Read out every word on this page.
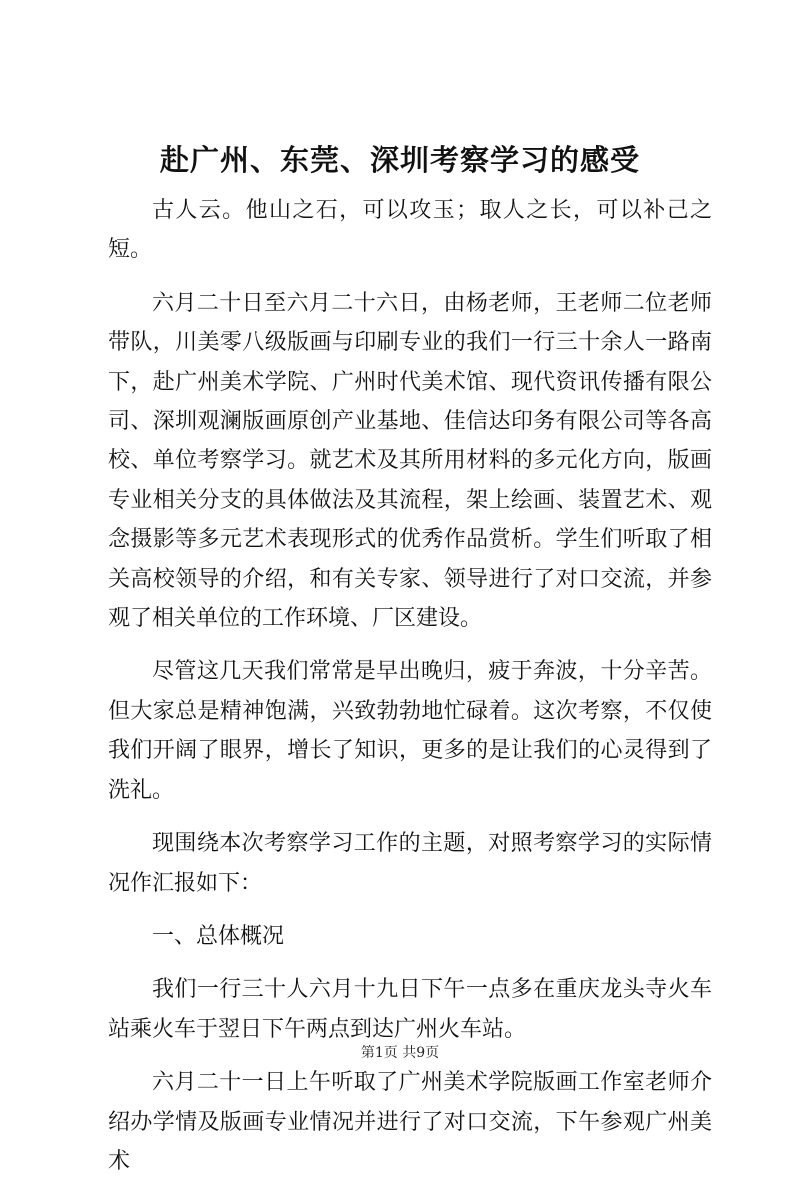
赴广州、东莞、深圳考察学习的感受

古人云。他山之石，可以攻玉；取人之长，可以补己之短。

六月二十日至六月二十六日，由杨老师，王老师二位老师带队，川美零八级版画与印刷专业的我们一行三十余人一路南下，赴广州美术学院、广州时代美术馆、现代资讯传播有限公司、深圳观澜版画原创产业基地、佳信达印务有限公司等各高校、单位考察学习。就艺术及其所用材料的多元化方向，版画专业相关分支的具体做法及其流程，架上绘画、装置艺术、观念摄影等多元艺术表现形式的优秀作品赏析。学生们听取了相关高校领导的介绍，和有关专家、领导进行了对口交流，并参观了相关单位的工作环境、厂区建设。

尽管这几天我们常常是早出晚归，疲于奔波，十分辛苦。但大家总是精神饱满，兴致勃勃地忙碌着。这次考察，不仅使我们开阔了眼界，增长了知识，更多的是让我们的心灵得到了洗礼。

现围绕本次考察学习工作的主题，对照考察学习的实际情况作汇报如下：

一、总体概况

我们一行三十人六月十九日下午一点多在重庆龙头寺火车站乘火车于翌日下午两点到达广州火车站。

六月二十一日上午听取了广州美术学院版画工作室老师介绍办学情及版画专业情况并进行了对口交流，下午参观广州美术

第1页 共9页
